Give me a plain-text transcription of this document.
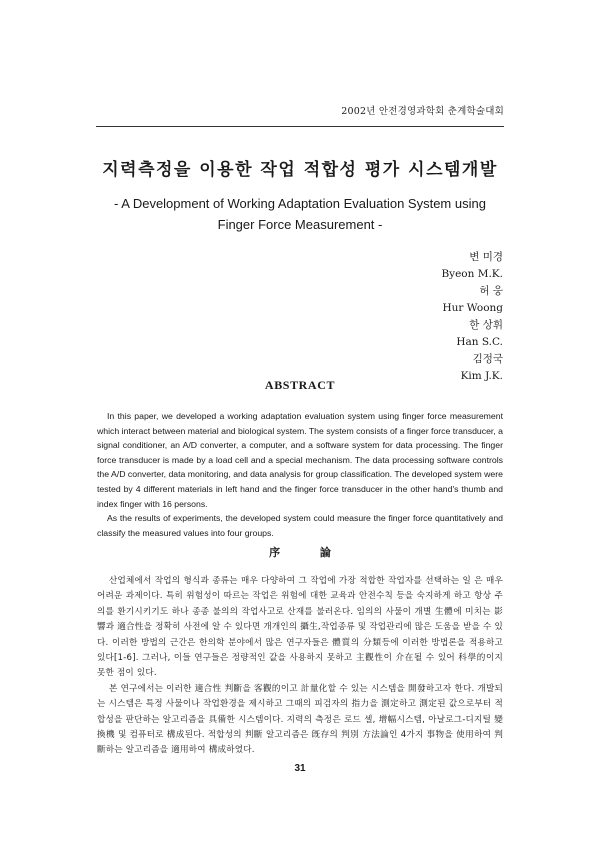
2002년 안전경영과학회 춘계학술대회
지력측정을 이용한 작업 적합성 평가 시스템개발
- A Development of Working Adaptation Evaluation System using
Finger Force Measurement -
변 미경
Byeon M.K.
허 웅
Hur Woong
한 상휘
Han S.C.
김정국
Kim J.K.
ABSTRACT

In this paper, we developed a working adaptation evaluation system using finger force measurement which interact between material and biological system. The system consists of a finger force transducer, a signal conditioner, an A/D converter, a computer, and a software system for data processing. The finger force transducer is made by a load cell and a special mechanism. The data processing software controls the A/D converter, data monitoring, and data analysis for group classification. The developed system were tested by 4 different materials in left hand and the finger force transducer in the other hand's thumb and index finger with 16 persons.

As the results of experiments, the developed system could measure the finger force quantitatively and classify the measured values into four groups.

序 論

산업체에서 작업의 형식과 종류는 매우 다양하여 그 작업에 가장 적합한 작업자를 선택하는 일 은 매우 어려운 과제이다. 특히 위험성이 따르는 작업은 위험에 대한 교육과 안전수칙 등을 숙지하게 하고 항상 주의를 환기시키기도 하나 종종 불의의 작업사고로 산재를 불러온다. 임의의 사물이 개별 生體에 미치는 影響과 適合性을 정확히 사전에 알 수 있다면 개개인의 攝生,작업종류 및 작업관리에 많은 도움을 받을 수 있다. 이러한 방법의 근간은 한의학 분야에서 많은 연구자들은 體質의 分類등에 이러한 방법론을 적용하고 있다[1-6]. 그러나, 이들 연구들은 정량적인 값을 사용하지 못하고 主觀性이 介在될 수 있어 科學的이지 못한 점이 있다.

본 연구에서는 이러한 適合性 判斷을 客觀的이고 計量化할 수 있는 시스템을 開發하고자 한다. 개발되는 시스템은 특정 사물이나 작업환경을 제시하고 그때의 피검자의 指力을 測定하고 測定된 값으로부터 적합성을 판단하는 알고리즘을 具備한 시스템이다. 지력의 측정은 로드 셀, 增幅시스템, 아날로그-디지털 變換機 및 컴퓨터로 構成된다. 적합성의 判斷 알고리즘은 旣存의 判別 方法論인 4가지 事物을 使用하여 判斷하는 알고리즘을 適用하여 構成하였다.

31
